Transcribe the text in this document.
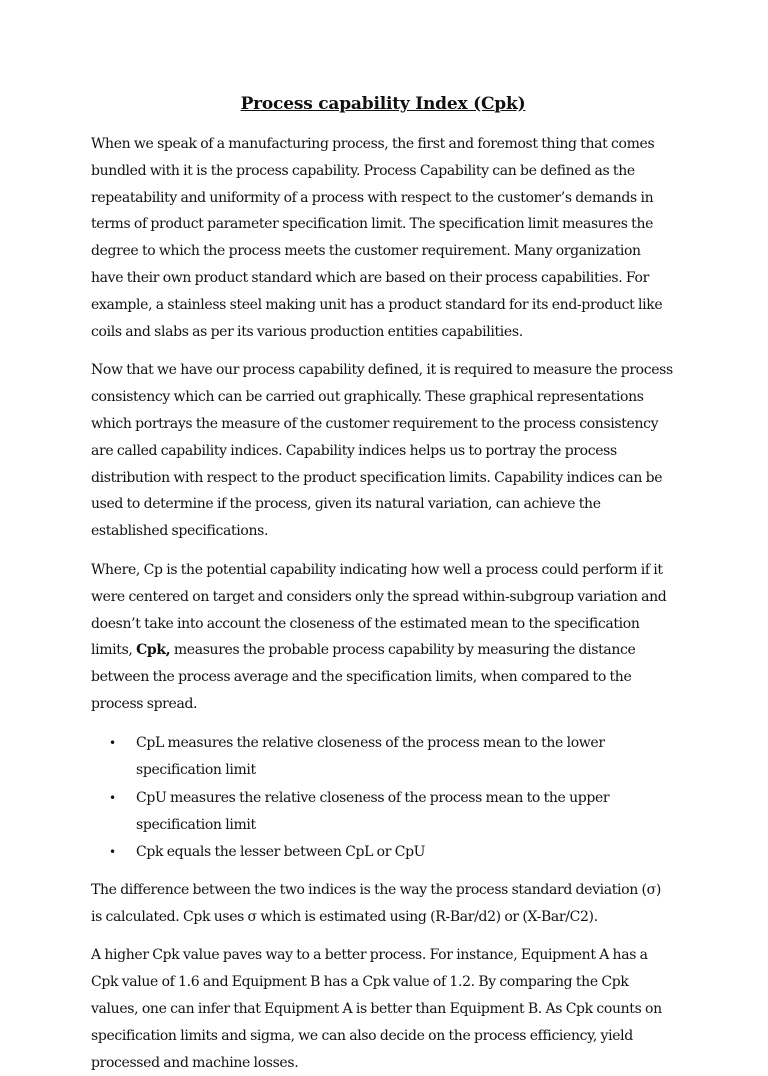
Process capability Index (Cpk)

When we speak of a manufacturing process, the first and foremost thing that comes bundled with it is the process capability. Process Capability can be defined as the repeatability and uniformity of a process with respect to the customer’s demands in terms of product parameter specification limit. The specification limit measures the degree to which the process meets the customer requirement. Many organization have their own product standard which are based on their process capabilities. For example, a stainless steel making unit has a product standard for its end-product like coils and slabs as per its various production entities capabilities.

Now that we have our process capability defined, it is required to measure the process consistency which can be carried out graphically. These graphical representations which portrays the measure of the customer requirement to the process consistency are called capability indices. Capability indices helps us to portray the process distribution with respect to the product specification limits. Capability indices can be used to determine if the process, given its natural variation, can achieve the established specifications.

Where, Cp is the potential capability indicating how well a process could perform if it were centered on target and considers only the spread within-subgroup variation and doesn’t take into account the closeness of the estimated mean to the specification limits, Cpk, measures the probable process capability by measuring the distance between the process average and the specification limits, when compared to the process spread.

• CpL measures the relative closeness of the process mean to the lower specification limit
• CpU measures the relative closeness of the process mean to the upper specification limit
• Cpk equals the lesser between CpL or CpU

The difference between the two indices is the way the process standard deviation (σ) is calculated. Cpk uses σ which is estimated using (R-Bar/d2) or (X-Bar/C2).

A higher Cpk value paves way to a better process. For instance, Equipment A has a Cpk value of 1.6 and Equipment B has a Cpk value of 1.2. By comparing the Cpk values, one can infer that Equipment A is better than Equipment B. As Cpk counts on specification limits and sigma, we can also decide on the process efficiency, yield processed and machine losses.
